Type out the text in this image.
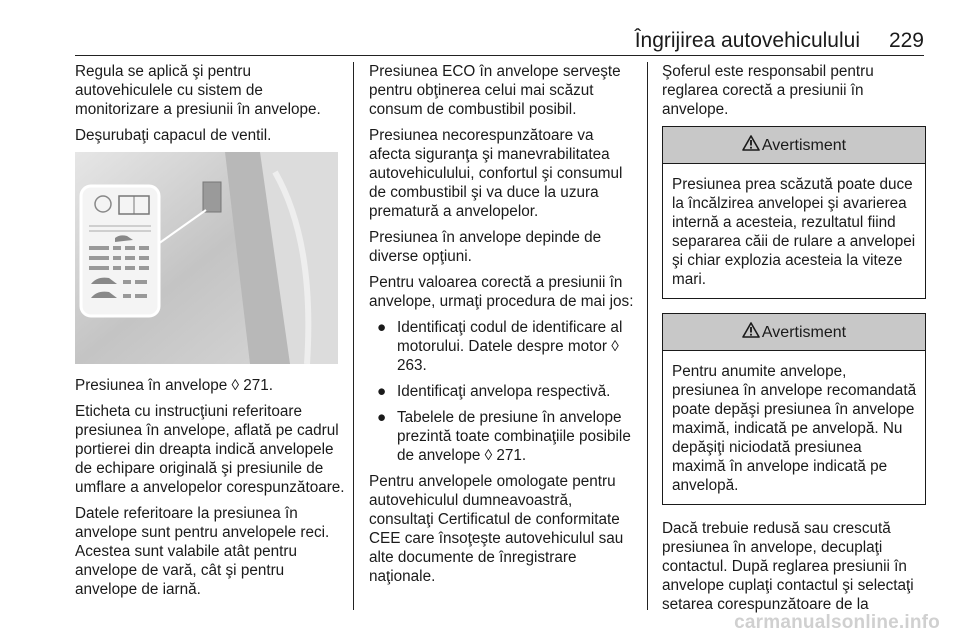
Îngrijirea autovehiculului	229

Regula se aplică şi pentru autovehiculele cu sistem de monitorizare a presiunii în anvelope.

Deşurubaţi capacul de ventil.

Presiunea în anvelope ◊ 271.

Eticheta cu instrucţiuni referitoare presiunea în anvelope, aflată pe cadrul portierei din dreapta indică anvelopele de echipare originală şi presiunile de umflare a anvelopelor corespunzătoare.

Datele referitoare la presiunea în anvelope sunt pentru anvelopele reci. Acestea sunt valabile atât pentru anvelope de vară, cât şi pentru anvelope de iarnă.

Presiunea ECO în anvelope serveşte pentru obţinerea celui mai scăzut consum de combustibil posibil.

Presiunea necorespunzătoare va afecta siguranţa şi manevrabilitatea autovehiculului, confortul şi consumul de combustibil şi va duce la uzura prematură a anvelopelor.

Presiunea în anvelope depinde de diverse opţiuni.

Pentru valoarea corectă a presiunii în anvelope, urmaţi procedura de mai jos:

● Identificaţi codul de identificare al motorului. Datele despre motor ◊ 263.
● Identificaţi anvelopa respectivă.
● Tabelele de presiune în anvelope prezintă toate combinaţiile posibile de anvelope ◊ 271.

Pentru anvelopele omologate pentru autovehiculul dumneavoastră, consultaţi Certificatul de conformitate CEE care însoţeşte autovehiculul sau alte documente de înregistrare naţionale.

Şoferul este responsabil pentru reglarea corectă a presiunii în anvelope.

Avertisment
Presiunea prea scăzută poate duce la încălzirea anvelopei şi avarierea internă a acesteia, rezultatul fiind separarea căii de rulare a anvelopei şi chiar explozia acesteia la viteze mari.
Avertisment
Pentru anumite anvelope, presiunea în anvelope recomandată poate depăşi presiunea în anvelope maximă, indicată pe anvelopă. Nu depăşiţi niciodată presiunea maximă în anvelope indicată pe anvelopă.

Dacă trebuie redusă sau crescută presiunea în anvelope, decuplaţi contactul. După reglarea presiunii în anvelope cuplaţi contactul şi selectaţi setarea corespunzătoare de la

carmanualsonline.info
